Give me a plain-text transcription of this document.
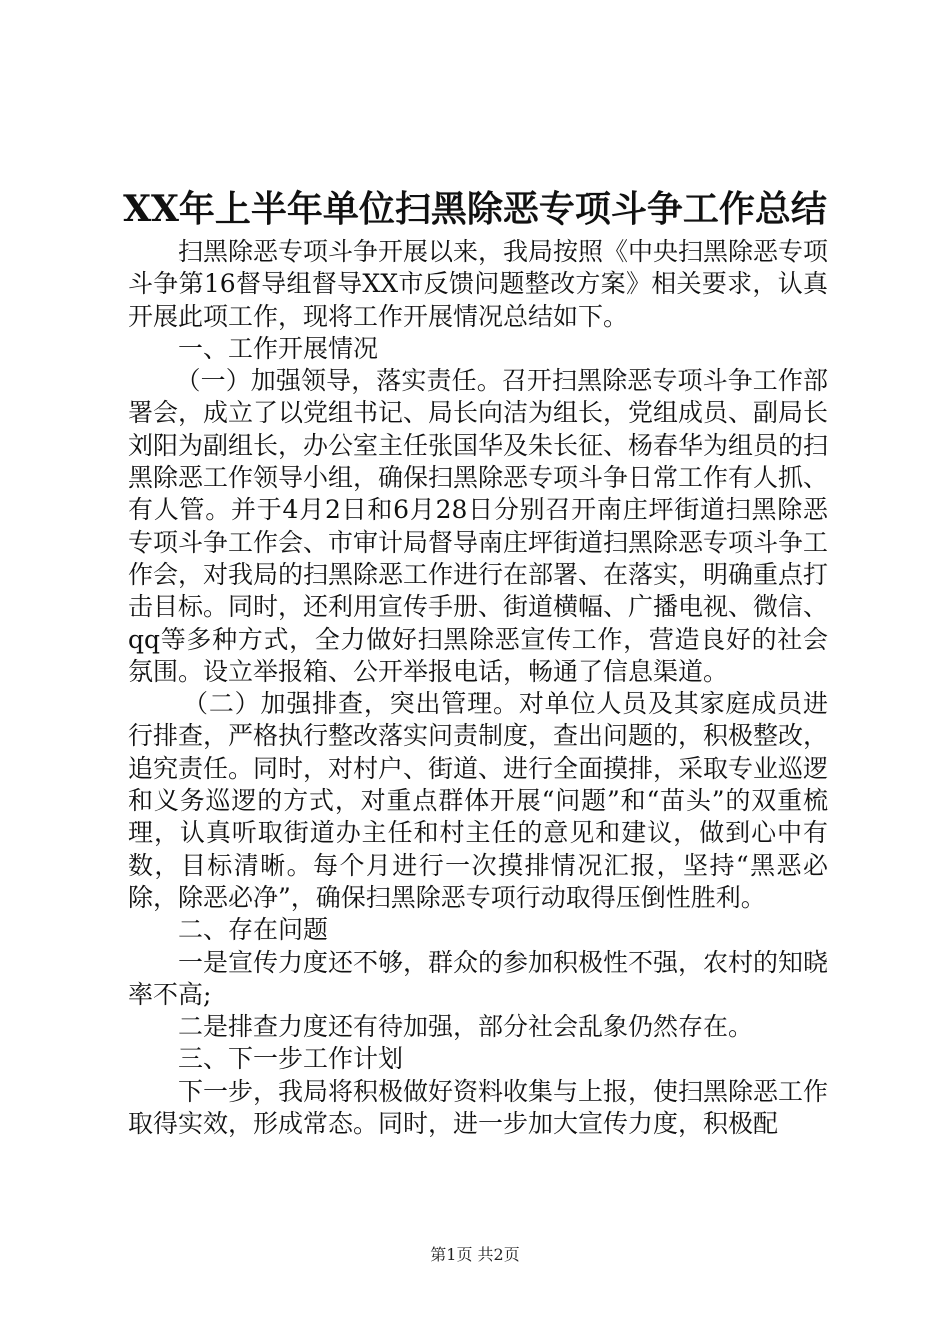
XX年上半年单位扫黑除恶专项斗争工作总结

扫黑除恶专项斗争开展以来，我局按照《中央扫黑除恶专项斗争第16督导组督导XX市反馈问题整改方案》相关要求，认真开展此项工作，现将工作开展情况总结如下。

一、工作开展情况

（一）加强领导，落实责任。召开扫黑除恶专项斗争工作部署会，成立了以党组书记、局长向洁为组长，党组成员、副局长刘阳为副组长，办公室主任张国华及朱长征、杨春华为组员的扫黑除恶工作领导小组，确保扫黑除恶专项斗争日常工作有人抓、有人管。并于4月2日和6月28日分别召开南庄坪街道扫黑除恶专项斗争工作会、市审计局督导南庄坪街道扫黑除恶专项斗争工作会，对我局的扫黑除恶工作进行在部署、在落实，明确重点打击目标。同时，还利用宣传手册、街道横幅、广播电视、微信、qq等多种方式，全力做好扫黑除恶宣传工作，营造良好的社会氛围。设立举报箱、公开举报电话，畅通了信息渠道。

（二）加强排查，突出管理。对单位人员及其家庭成员进行排查，严格执行整改落实问责制度，查出问题的，积极整改，追究责任。同时，对村户、街道、进行全面摸排，采取专业巡逻和义务巡逻的方式，对重点群体开展“问题”和“苗头”的双重梳理，认真听取街道办主任和村主任的意见和建议，做到心中有数，目标清晰。每个月进行一次摸排情况汇报，坚持“黑恶必除，除恶必净”，确保扫黑除恶专项行动取得压倒性胜利。

二、存在问题

一是宣传力度还不够，群众的参加积极性不强，农村的知晓率不高;

二是排查力度还有待加强，部分社会乱象仍然存在。

三、下一步工作计划

下一步，我局将积极做好资料收集与上报，使扫黑除恶工作取得实效，形成常态。同时，进一步加大宣传力度，积极配

第1页 共2页
